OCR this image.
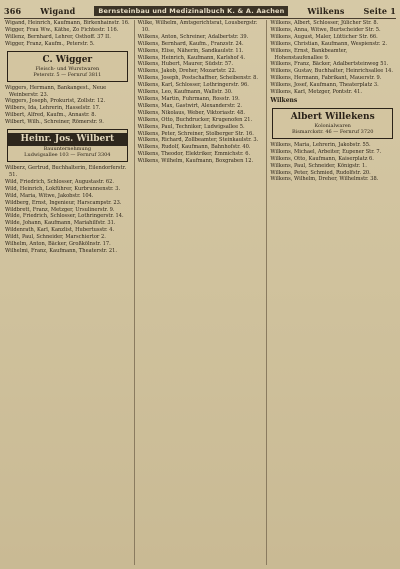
366 Wigand	Bernsteinbau und Medizinalbuch K. & A. Aachen	Wilkens Seite 1

Wigand, Heinrich, Kaufmann, Birkenhainstr. 16.

Wigger, Frau Ww., Käthe, Zo Fichtestr. 116.

Willenz, Bernhard, Lehrer, Osthoff. 37 II.

Wigger, Franz, Kaufm., Peterstr. 5.

C. Wigger
Fleisch- und Wurstwaren
Peterstr. 5 — Fernruf 3811

Wiggers, Hermann, Bankangest., Neue Weinberstr. 23.

Wiggers, Joseph, Prokurist, Zollstr. 12.

Wilbers, Ida, Lehrerin, Hasselstr. 17.

Wilbert, Alfred, Kaufm., Annastr. 8.

Wilbert, Wilh., Schreiner, Römerstr. 9.

Heinr. Jos. Wilbert
Bauunternehmung
Ludwigsallee 103 — Fernruf 3304

Wilberz, Gertrud, Buchhalterin, Eilendorferstr. 51.

Wild, Friedrich, Schlosser, Augustastr. 62.

Wild, Heinrich, Lokführer, Kurbrunnenstr. 3.

Wild, Maria, Witwe, Jakobstr. 104.

Wildberg, Ernst, Ingenieur, Harscampstr. 23.

Wildbrett, Franz, Metzger, Ursulinerstr. 9.

Wilde, Friedrich, Schlosser, Lothringerstr. 14.

Wilde, Johann, Kaufmann, Mariahilfstr. 31.

Wildenrath, Karl, Kanzlist, Hubertusstr. 4.

Wildt, Paul, Schneider, Marschiertor 2.

Wilhelm, Anton, Bäcker, Großkölnstr. 17.

Wilhelmi, Franz, Kaufmann, Theaterstr. 21.

Wilke, Wilhelm, Amtsgerichtsrat, Lousbergstr. 10.

Wilkens, Anton, Schreiner, Adalbertstr. 39.

Wilkens, Bernhard, Kaufm., Franzstr. 24.

Wilkens, Elise, Näherin, Sandkaulstr. 11.

Wilkens, Heinrich, Kaufmann, Karlshof 4.

Wilkens, Hubert, Maurer, Südstr. 57.

Wilkens, Jakob, Dreher, Mozartstr. 22.

Wilkens, Joseph, Postschaffner, Scheibenstr. 8.

Wilkens, Karl, Schlosser, Lothringerstr. 96.

Wilkens, Leo, Kaufmann, Wallstr. 30.

Wilkens, Martin, Fuhrmann, Rosstr. 19.

Wilkens, Max, Gastwirt, Alexanderstr. 2.

Wilkens, Nikolaus, Weber, Viktoriastr. 48.

Wilkens, Otto, Buchdrucker, Krugenofen 21.

Wilkens, Paul, Techniker, Ludwigsallee 5.

Wilkens, Peter, Schreiner, Stolberger Str. 16.

Wilkens, Richard, Zollbeamter, Steinkaulstr. 3.

Wilkens, Rudolf, Kaufmann, Bahnhofstr. 40.

Wilkens, Theodor, Elektriker, Emmichstr. 6.

Wilkens, Wilhelm, Kaufmann, Boxgraben 12.

Wilkens, Albert, Schlosser, Jülicher Str. 8.

Wilkens, Anna, Witwe, Burtscheider Str. 5.

Wilkens, August, Maler, Lütticher Str. 66.

Wilkens, Christian, Kaufmann, Wespienstr. 2.

Wilkens, Ernst, Bankbeamter, Hohenstaufenallee 9.

Wilkens, Franz, Bäcker, Adalbertsteinweg 51.

Wilkens, Gustav, Buchhalter, Heinrichsallee 14.

Wilkens, Hermann, Fabrikant, Mauerstr. 9.

Wilkens, Josef, Kaufmann, Theaterplatz 3.

Wilkens, Karl, Metzger, Pontstr. 41.

Wilkens
Albert Willekens
Kolonialwaren
Bismarckstr. 46 — Fernruf 3720

Wilkens, Maria, Lehrerin, Jakobstr. 55.

Wilkens, Michael, Arbeiter, Eupener Str. 7.

Wilkens, Otto, Kaufmann, Kaiserplatz 6.

Wilkens, Paul, Schneider, Königstr. 1.

Wilkens, Peter, Schmied, Rudolfstr. 20.

Wilkens, Wilhelm, Dreher, Wilhelmstr. 38.
